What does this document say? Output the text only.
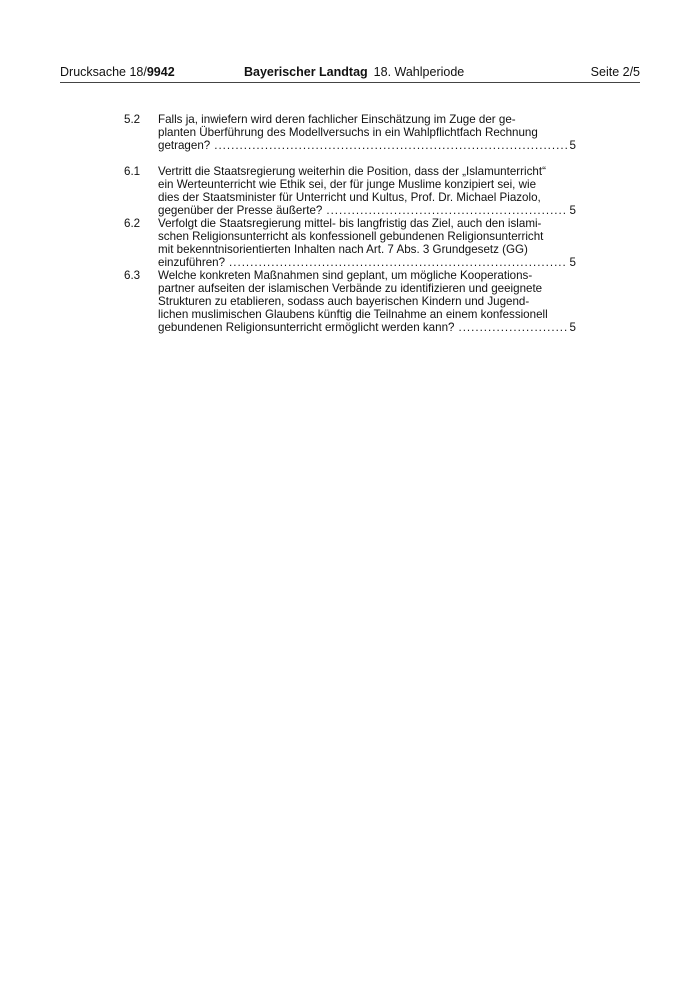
Drucksache 18/9942	Bayerischer Landtag 18. Wahlperiode	Seite 2/5
5.2 Falls ja, inwiefern wird deren fachlicher Einschätzung im Zuge der ge-
planten Überführung des Modellversuchs in ein Wahlpflichtfach Rechnung
getragen? .....	5
6.1 Vertritt die Staatsregierung weiterhin die Position, dass der „Islamunterricht“
ein Werteunterricht wie Ethik sei, der für junge Muslime konzipiert sei, wie
dies der Staatsminister für Unterricht und Kultus, Prof. Dr. Michael Piazolo,
gegenüber der Presse äußerte? .....	5
6.2 Verfolgt die Staatsregierung mittel- bis langfristig das Ziel, auch den islami-
schen Religionsunterricht als konfessionell gebundenen Religionsunterricht
mit bekenntnisorientierten Inhalten nach Art. 7 Abs. 3 Grundgesetz (GG)
einzuführen? .....	5
6.3 Welche konkreten Maßnahmen sind geplant, um mögliche Kooperations-
partner aufseiten der islamischen Verbände zu identifizieren und geeignete
Strukturen zu etablieren, sodass auch bayerischen Kindern und Jugend-
lichen muslimischen Glaubens künftig die Teilnahme an einem konfessionell
gebundenen Religionsunterricht ermöglicht werden kann? .....	5
